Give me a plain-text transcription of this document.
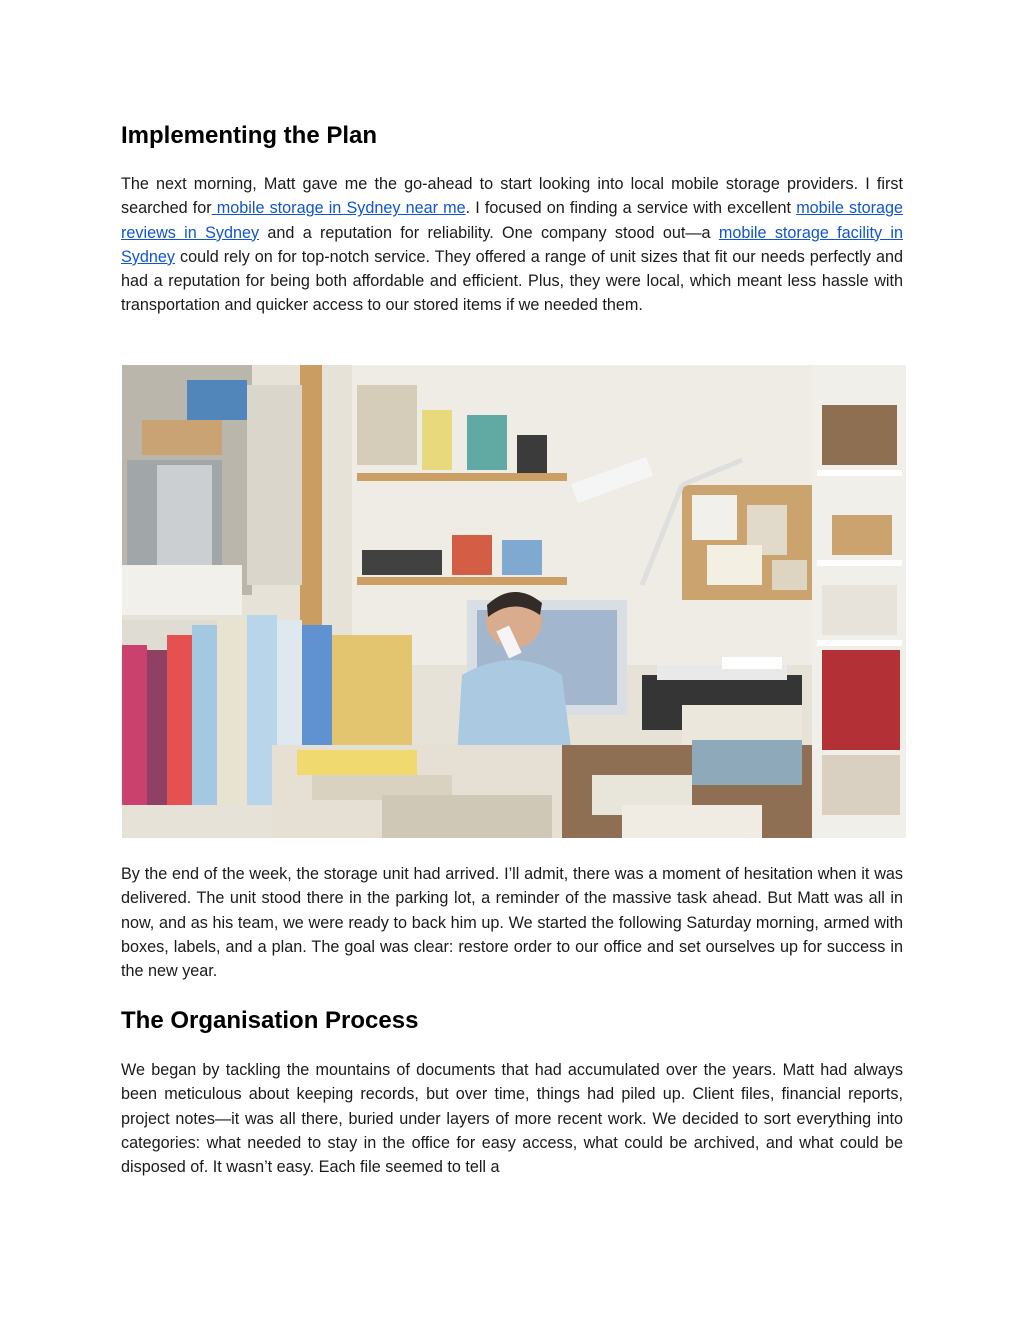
Implementing the Plan

The next morning, Matt gave me the go-ahead to start looking into local mobile storage providers. I first searched for mobile storage in Sydney near me. I focused on finding a service with excellent mobile storage reviews in Sydney and a reputation for reliability. One company stood out—a mobile storage facility in Sydney could rely on for top-notch service. They offered a range of unit sizes that fit our needs perfectly and had a reputation for being both affordable and efficient. Plus, they were local, which meant less hassle with transportation and quicker access to our stored items if we needed them.

By the end of the week, the storage unit had arrived. I’ll admit, there was a moment of hesitation when it was delivered. The unit stood there in the parking lot, a reminder of the massive task ahead. But Matt was all in now, and as his team, we were ready to back him up. We started the following Saturday morning, armed with boxes, labels, and a plan. The goal was clear: restore order to our office and set ourselves up for success in the new year.

The Organisation Process

We began by tackling the mountains of documents that had accumulated over the years. Matt had always been meticulous about keeping records, but over time, things had piled up. Client files, financial reports, project notes—it was all there, buried under layers of more recent work. We decided to sort everything into categories: what needed to stay in the office for easy access, what could be archived, and what could be disposed of. It wasn’t easy. Each file seemed to tell a
